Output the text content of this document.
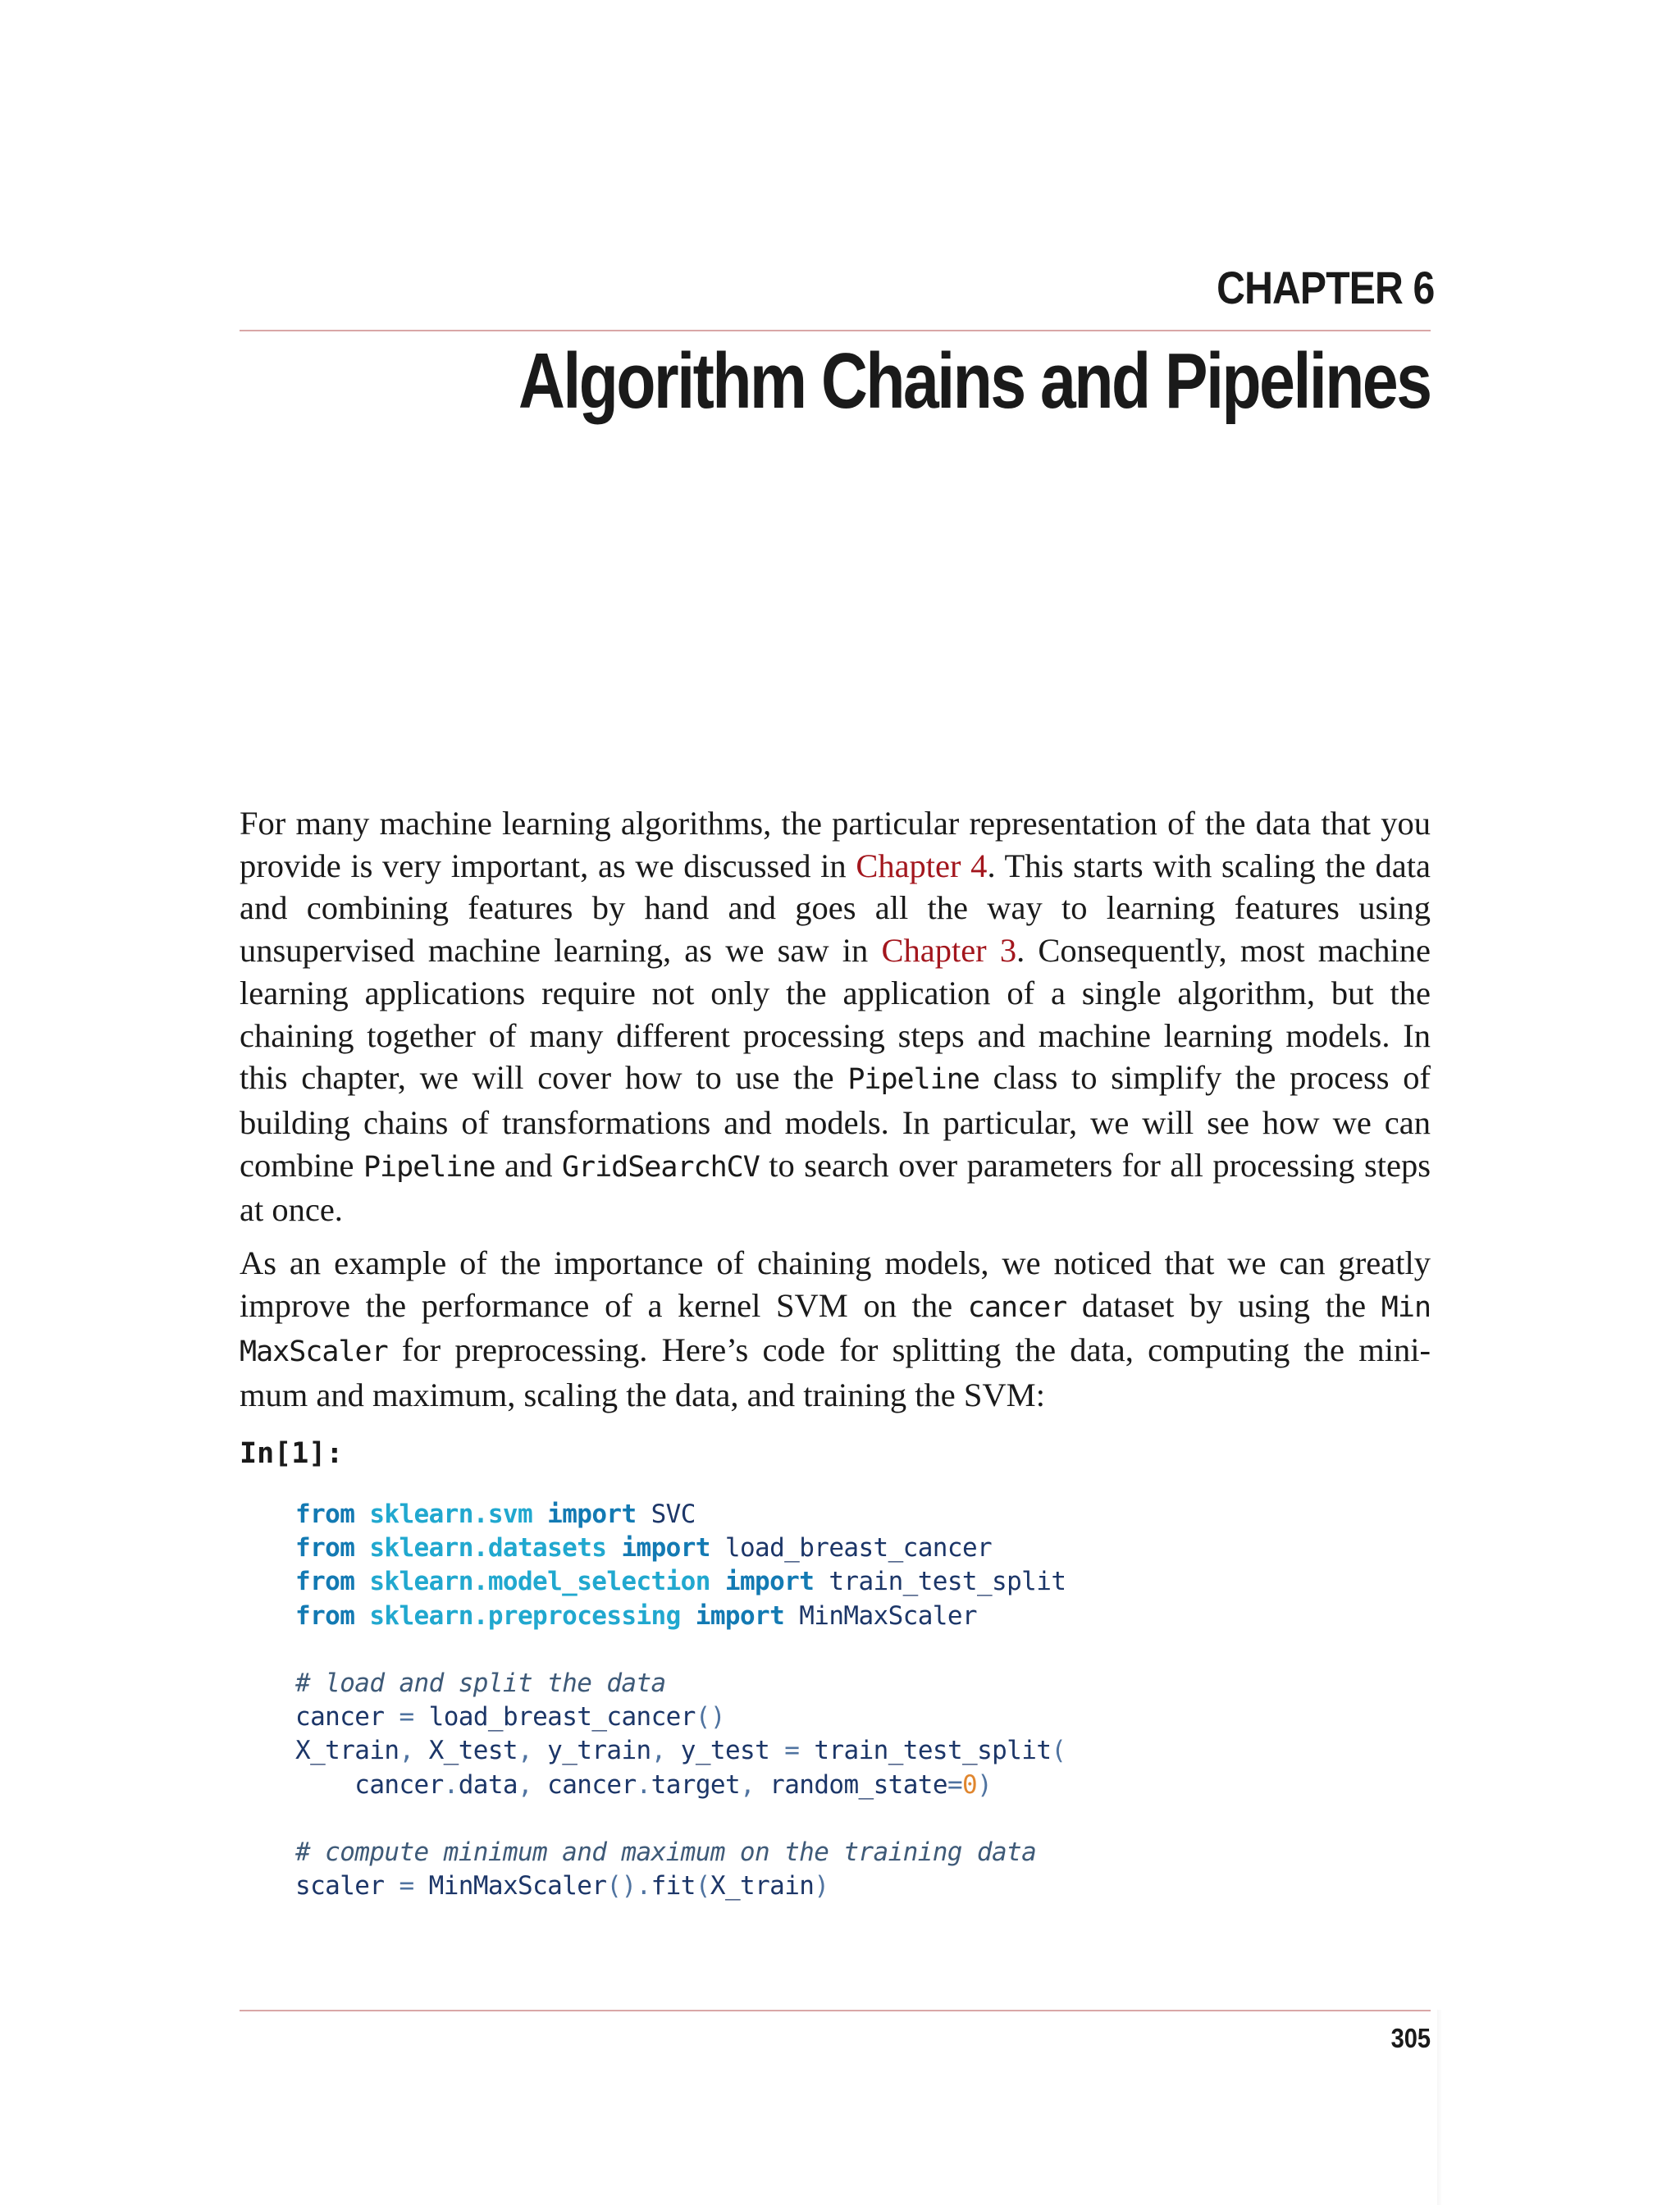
CHAPTER 6
Algorithm Chains and Pipelines

For many machine learning algorithms, the particular representation of the data that you provide is very important, as we discussed in Chapter 4. This starts with scaling the data and combining features by hand and goes all the way to learning features using unsupervised machine learning, as we saw in Chapter 3. Consequently, most machine learning applications require not only the application of a single algorithm, but the chaining together of many different processing steps and machine learning models. In this chapter, we will cover how to use the Pipeline class to simplify the process of building chains of transformations and models. In particular, we will see how we can combine Pipeline and GridSearchCV to search over parameters for all processing steps at once.

As an example of the importance of chaining models, we noticed that we can greatly improve the performance of a kernel SVM on the cancer dataset by using the Min MaxScaler for preprocessing. Here’s code for splitting the data, computing the mini‐ mum and maximum, scaling the data, and training the SVM:

In[1]:
from sklearn.svm import SVC
from sklearn.datasets import load_breast_cancer
from sklearn.model_selection import train_test_split
from sklearn.preprocessing import MinMaxScaler
# load and split the data
cancer = load_breast_cancer()
X_train, X_test, y_train, y_test = train_test_split(
cancer.data, cancer.target, random_state=0)
# compute minimum and maximum on the training data
scaler = MinMaxScaler().fit(X_train)
305
